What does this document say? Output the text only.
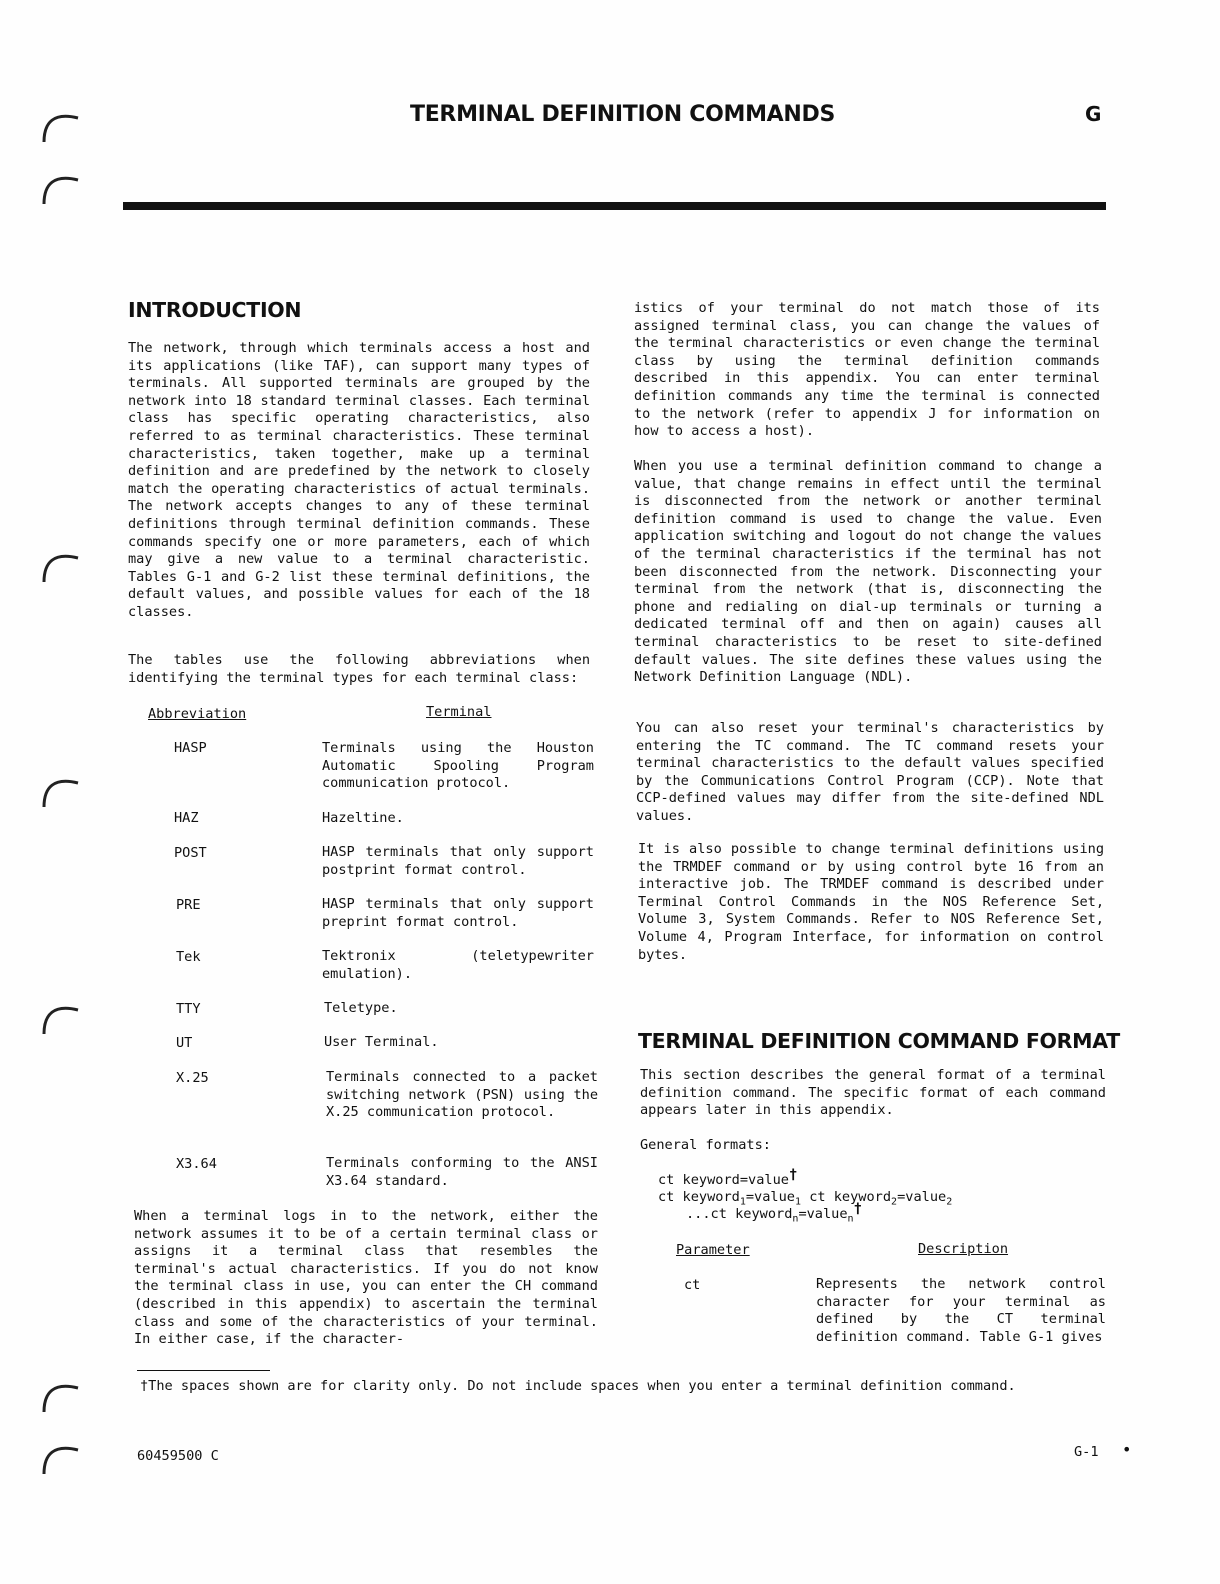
TERMINAL DEFINITION COMMANDS	G
INTRODUCTION

The network, through which terminals access a host and its applications (like TAF), can support many types of terminals. All supported terminals are grouped by the network into 18 standard terminal classes. Each terminal class has specific operating characteristics, also referred to as terminal characteristics. These terminal characteristics, taken together, make up a terminal definition and are predefined by the network to closely match the operating characteristics of actual terminals. The network accepts changes to any of these terminal definitions through terminal definition commands. These commands specify one or more parameters, each of which may give a new value to a terminal characteristic. Tables G-1 and G-2 list these terminal definitions, the default values, and possible values for each of the 18 classes.

The tables use the following abbreviations when identifying the terminal types for each terminal class:

Abbreviation	Terminal
HASP	Terminals using the Houston Automatic Spooling Program communication protocol.
HAZ	Hazeltine.
POST	HASP terminals that only support postprint format control.
PRE	HASP terminals that only support preprint format control.
Tek	Tektronix (teletypewriter emulation).
TTY	Teletype.
UT	User Terminal.
X.25	Terminals connected to a packet switching network (PSN) using the X.25 communication protocol.
X3.64	Terminals conforming to the ANSI X3.64 standard.

When a terminal logs in to the network, either the network assumes it to be of a certain terminal class or assigns it a terminal class that resembles the terminal's actual characteristics. If you do not know the terminal class in use, you can enter the CH command (described in this appendix) to ascertain the terminal class and some of the characteristics of your terminal. In either case, if the character-

istics of your terminal do not match those of its assigned terminal class, you can change the values of the terminal characteristics or even change the terminal class by using the terminal definition commands described in this appendix. You can enter terminal definition commands any time the terminal is connected to the network (refer to appendix J for information on how to access a host).

When you use a terminal definition command to change a value, that change remains in effect until the terminal is disconnected from the network or another terminal definition command is used to change the value. Even application switching and logout do not change the values of the terminal characteristics if the terminal has not been disconnected from the network. Disconnecting your terminal from the network (that is, disconnecting the phone and redialing on dial-up terminals or turning a dedicated terminal off and then on again) causes all terminal characteristics to be reset to site-defined default values. The site defines these values using the Network Definition Language (NDL).

You can also reset your terminal's characteristics by entering the TC command. The TC command resets your terminal characteristics to the default values specified by the Communications Control Program (CCP). Note that CCP-defined values may differ from the site-defined NDL values.

It is also possible to change terminal definitions using the TRMDEF command or by using control byte 16 from an interactive job. The TRMDEF command is described under Terminal Control Commands in the NOS Reference Set, Volume 3, System Commands. Refer to NOS Reference Set, Volume 4, Program Interface, for information on control bytes.

TERMINAL DEFINITION COMMAND FORMAT

This section describes the general format of a terminal definition command. The specific format of each command appears later in this appendix.

General formats:
ct keyword=value†
ct keyword$_1$=value$_1$ ct keyword$_2$=value$_2$
...ct keyword$_n$=value$_n$†
Parameter	Description
ct	Represents the network control character for your terminal as defined by the CT terminal definition command. Table G-1 gives

†The spaces shown are for clarity only. Do not include spaces when you enter a terminal definition command.

60459500 C	G-1 •
